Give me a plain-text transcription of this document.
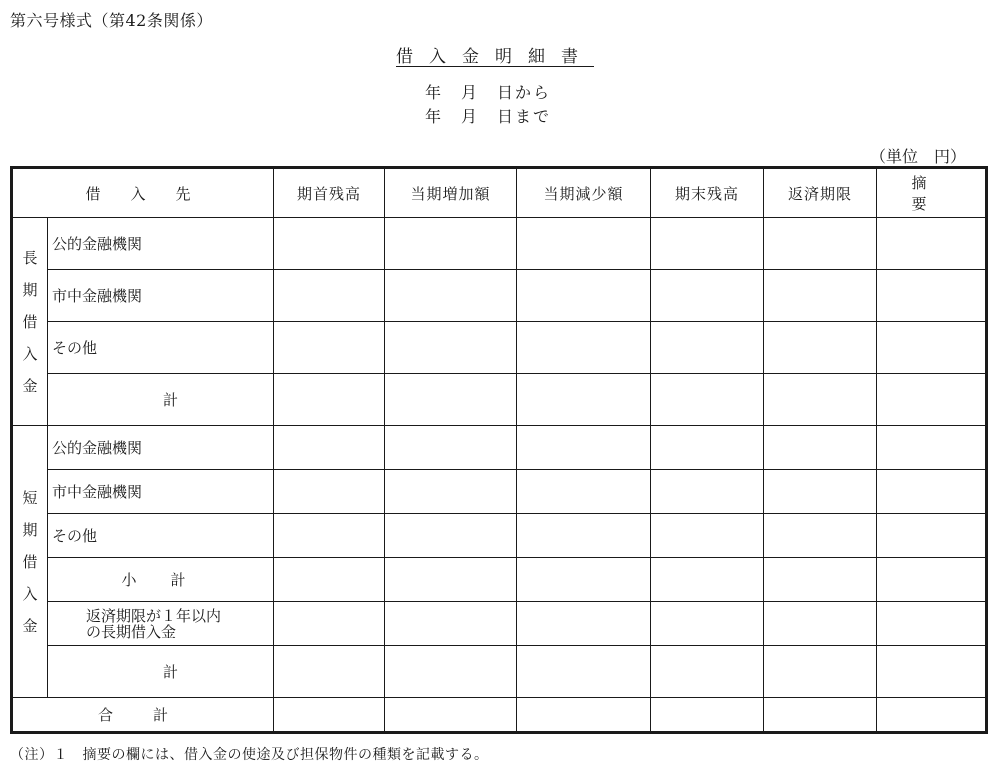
第六号様式（第42条関係）
借入金明細書
年　月　日から
年　月　日まで
（単位　円）
借入先		期首残高	当期増加額	当期減少額	期末残高	返済期限	摘要

長
期
借
入
金	公的金融機関						
	市中金融機関						
	その他						
	計						

短
期
借
入
金	公的金融機関						
	市中金融機関						
	その他						
	小計						

	返済期限が１年以内
の長期借入金						

	計						
合計							
（注）１　摘要の欄には、借入金の使途及び担保物件の種類を記載する。
